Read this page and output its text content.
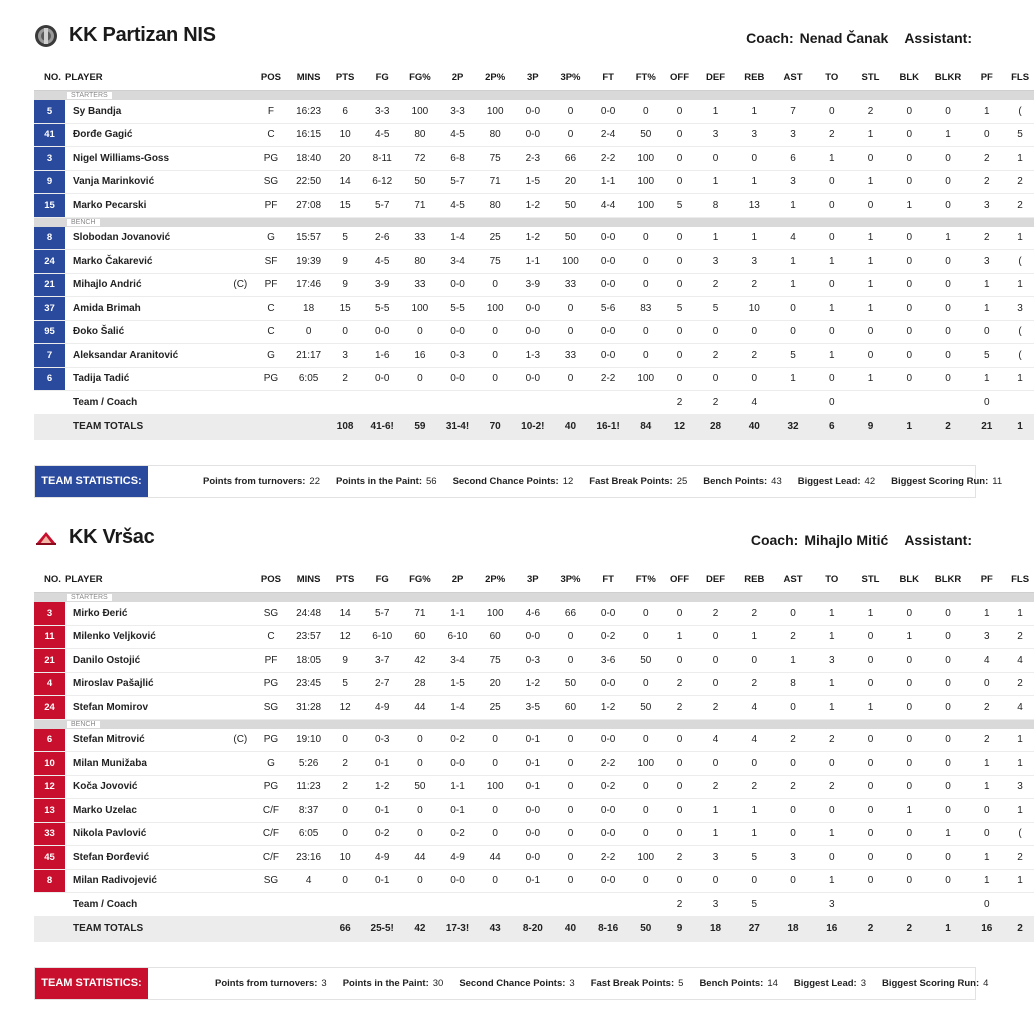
KK Partizan NIS	Coach: Nenad Čanak Assistant:
NO.	PLAYER	POS	MINS	PTS	FG	FG%	2P	2P%	3P	3P%	FT	FT%	OFF	DEF	REB	AST	TO	STL	BLK	BLKR	PF	FLS
	STARTERS																					
5	Sy Bandja	F	16:23	6	3-3	100	3-3	100	0-0	0	0-0	0	0	1	1	7	0	2	0	0	1	(
41	Đorđe Gagić	C	16:15	10	4-5	80	4-5	80	0-0	0	2-4	50	0	3	3	3	2	1	0	1	0	5
3	Nigel Williams-Goss	PG	18:40	20	8-11	72	6-8	75	2-3	66	2-2	100	0	0	0	6	1	0	0	0	2	1
9	Vanja Marinković	SG	22:50	14	6-12	50	5-7	71	1-5	20	1-1	100	0	1	1	3	0	1	0	0	2	2
15	Marko Pecarski	PF	27:08	15	5-7	71	4-5	80	1-2	50	4-4	100	5	8	13	1	0	0	1	0	3	2
	BENCH																					
8	Slobodan Jovanović	G	15:57	5	2-6	33	1-4	25	1-2	50	0-0	0	0	1	1	4	0	1	0	1	2	1
24	Marko Čakarević	SF	19:39	9	4-5	80	3-4	75	1-1	100	0-0	0	0	3	3	1	1	1	0	0	3	(
21	Mihajlo Andrić (C)	PF	17:46	9	3-9	33	0-0	0	3-9	33	0-0	0	0	2	2	1	0	1	0	0	1	1
37	Amida Brimah	C	18	15	5-5	100	5-5	100	0-0	0	5-6	83	5	5	10	0	1	1	0	0	1	3
95	Đoko Šalić	C	0	0	0-0	0	0-0	0	0-0	0	0-0	0	0	0	0	0	0	0	0	0	0	(
7	Aleksandar Aranitović	G	21:17	3	1-6	16	0-3	0	1-3	33	0-0	0	0	2	2	5	1	0	0	0	5	(
6	Tadija Tadić	PG	6:05	2	0-0	0	0-0	0	0-0	0	2-2	100	0	0	0	1	0	1	0	0	1	1
	Team / Coach												2	2	4		0				0	
	TEAM TOTALS			108	41-6!	59	31-4!	70	10-2!	40	16-1!	84	12	28	40	32	6	9	1	2	21	1
TEAM STATISTICS:	Points from turnovers: 22 Points in the Paint: 56 Second Chance Points: 12 Fast Break Points: 25 Bench Points: 43 Biggest Lead: 42 Biggest Scoring Run: 11
KK Vršac	Coach: Mihajlo Mitić Assistant:
NO.	PLAYER	POS	MINS	PTS	FG	FG%	2P	2P%	3P	3P%	FT	FT%	OFF	DEF	REB	AST	TO	STL	BLK	BLKR	PF	FLS
	STARTERS																					
3	Mirko Đerić	SG	24:48	14	5-7	71	1-1	100	4-6	66	0-0	0	0	2	2	0	1	1	0	0	1	1
11	Milenko Veljković	C	23:57	12	6-10	60	6-10	60	0-0	0	0-2	0	1	0	1	2	1	0	1	0	3	2
21	Danilo Ostojić	PF	18:05	9	3-7	42	3-4	75	0-3	0	3-6	50	0	0	0	1	3	0	0	0	4	4
4	Miroslav Pašajlić	PG	23:45	5	2-7	28	1-5	20	1-2	50	0-0	0	2	0	2	8	1	0	0	0	0	2
24	Stefan Momirov	SG	31:28	12	4-9	44	1-4	25	3-5	60	1-2	50	2	2	4	0	1	1	0	0	2	4
	BENCH																					
6	Stefan Mitrović (C)	PG	19:10	0	0-3	0	0-2	0	0-1	0	0-0	0	0	4	4	2	2	0	0	0	2	1
10	Milan Munižaba	G	5:26	2	0-1	0	0-0	0	0-1	0	2-2	100	0	0	0	0	0	0	0	0	1	1
12	Koča Jovović	PG	11:23	2	1-2	50	1-1	100	0-1	0	0-2	0	0	2	2	2	2	0	0	0	1	3
13	Marko Uzelac	C/F	8:37	0	0-1	0	0-1	0	0-0	0	0-0	0	0	1	1	0	0	0	1	0	0	1
33	Nikola Pavlović	C/F	6:05	0	0-2	0	0-2	0	0-0	0	0-0	0	0	1	1	0	1	0	0	1	0	(
45	Stefan Đorđević	C/F	23:16	10	4-9	44	4-9	44	0-0	0	2-2	100	2	3	5	3	0	0	0	0	1	2
8	Milan Radivojević	SG	4	0	0-1	0	0-0	0	0-1	0	0-0	0	0	0	0	0	1	0	0	0	1	1
	Team / Coach												2	3	5		3				0	
	TEAM TOTALS			66	25-5!	42	17-3!	43	8-20	40	8-16	50	9	18	27	18	16	2	2	1	16	2
TEAM STATISTICS:	Points from turnovers: 3 Points in the Paint: 30 Second Chance Points: 3 Fast Break Points: 5 Bench Points: 14 Biggest Lead: 3 Biggest Scoring Run: 4
